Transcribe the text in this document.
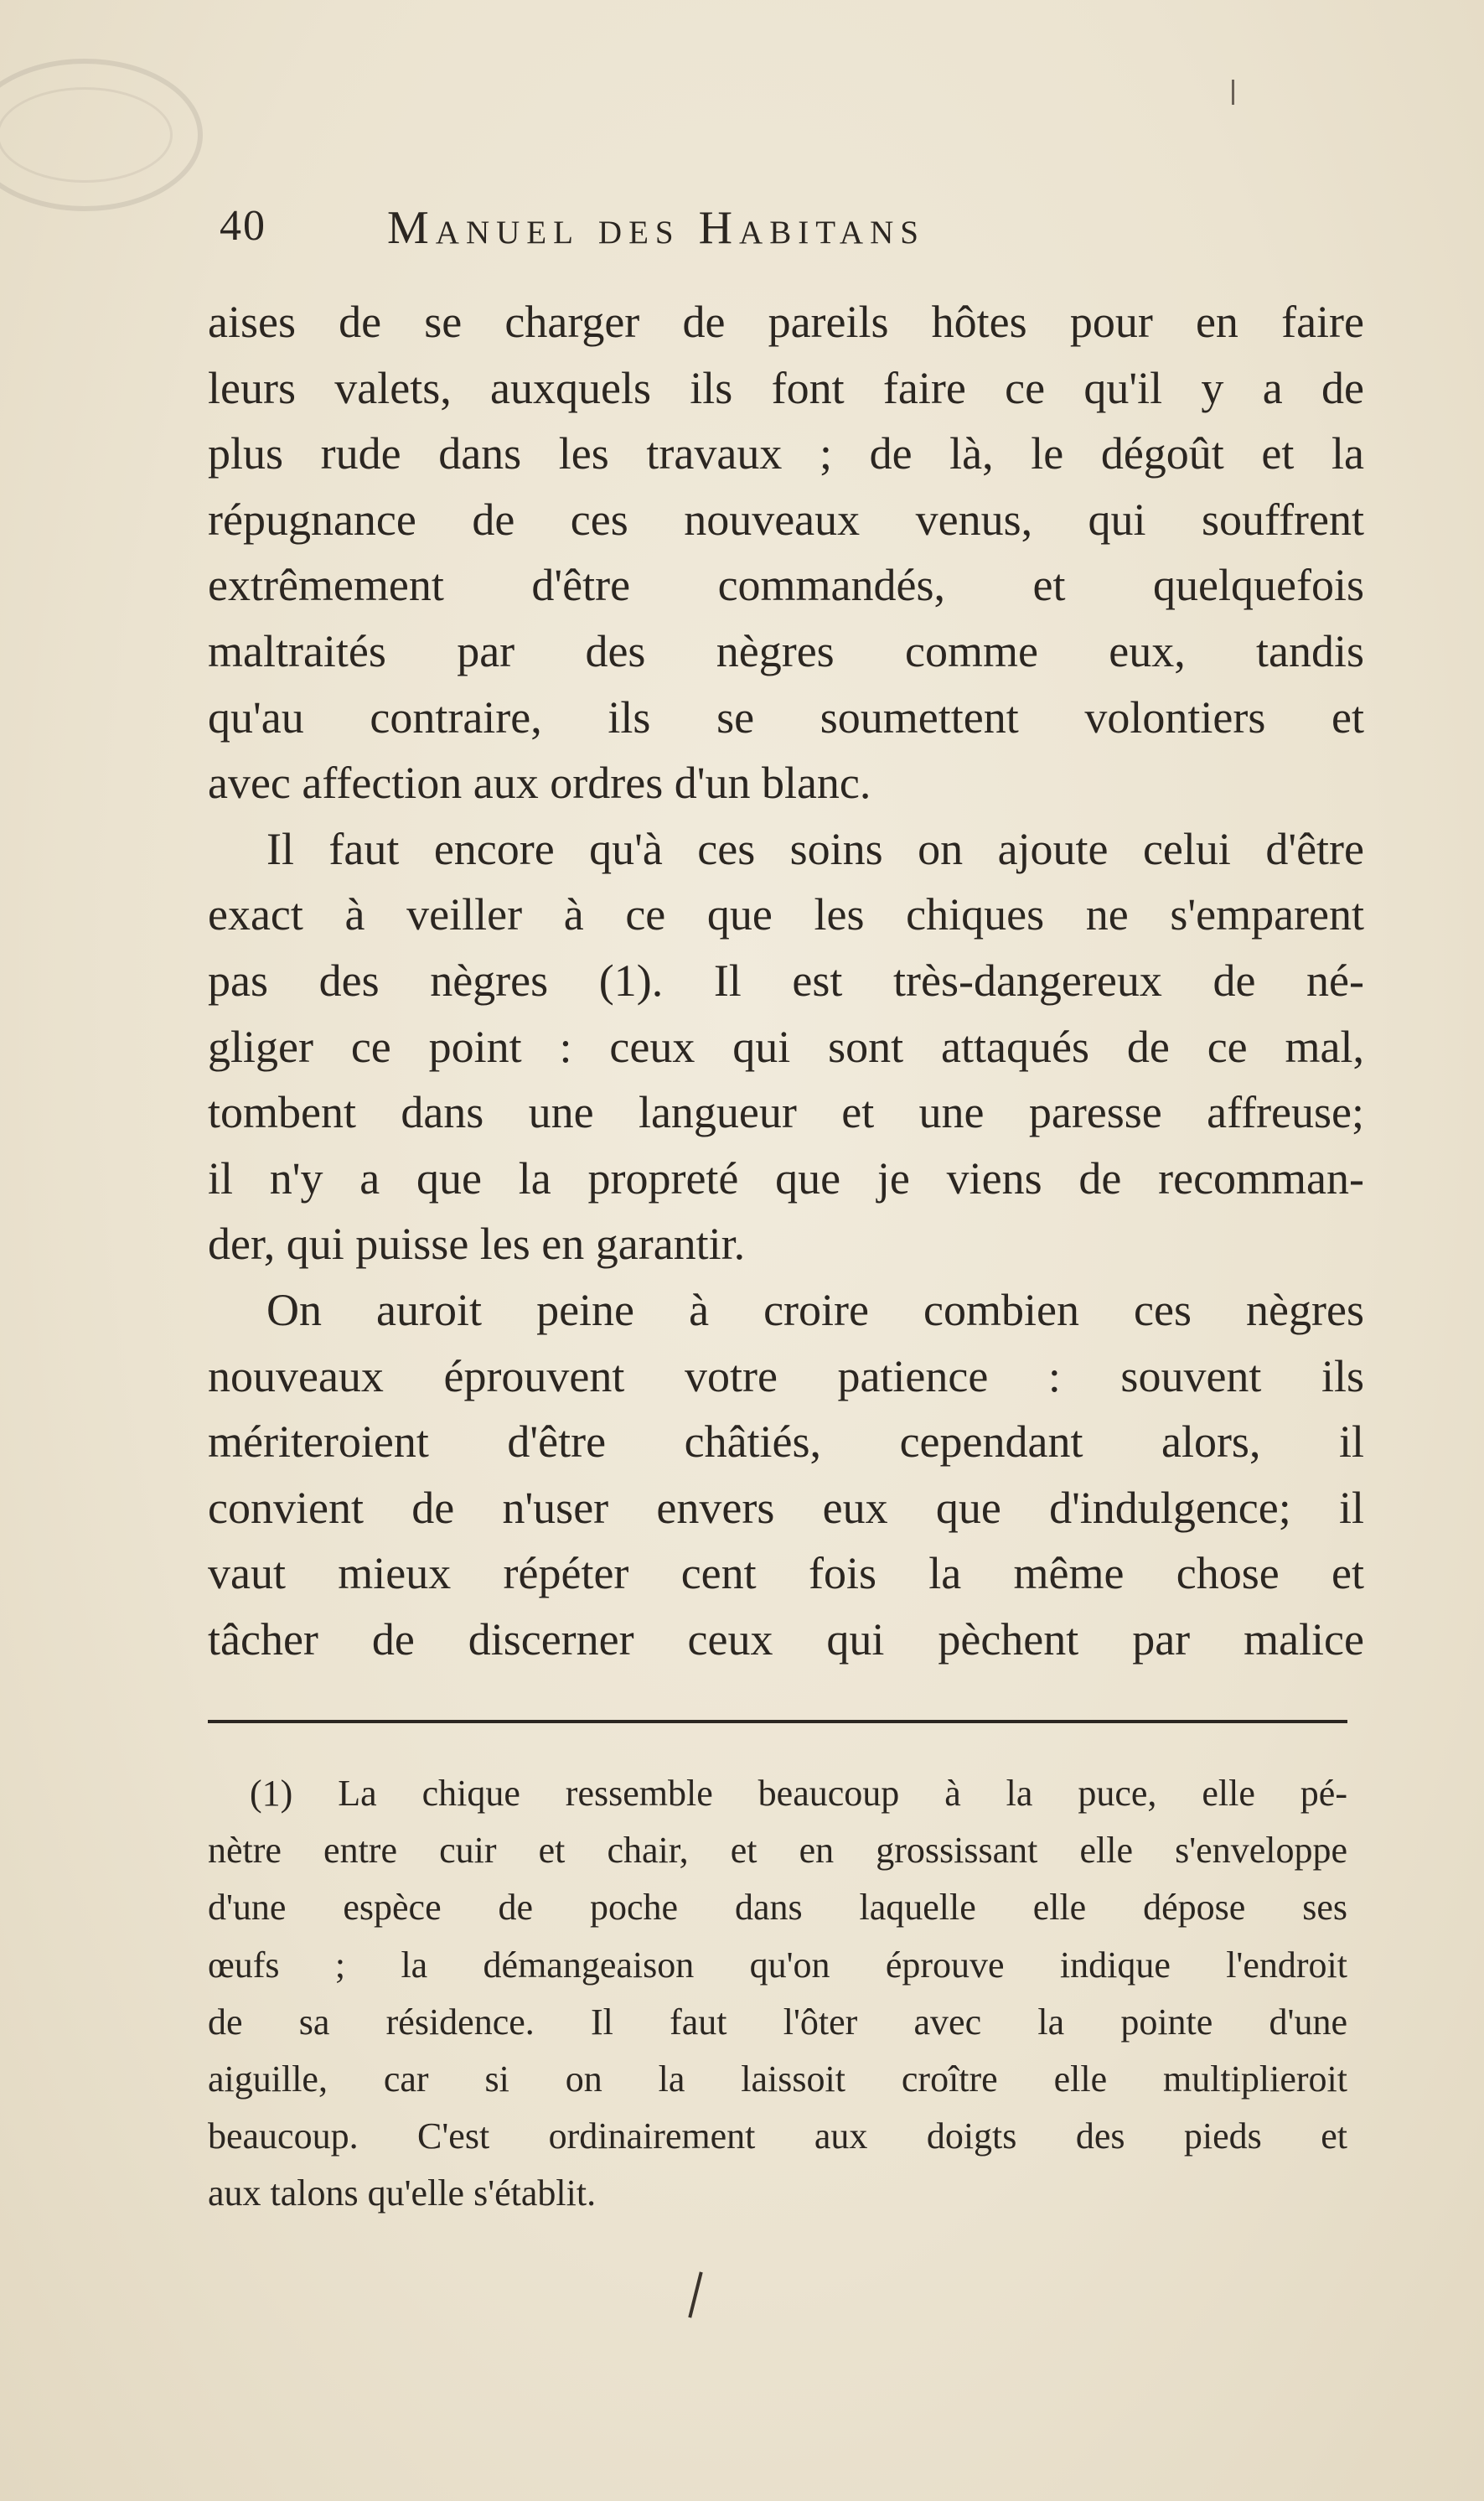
40	Manuel des Habitans
aises de se charger de pareils hôtes pour en faire
leurs valets, auxquels ils font faire ce qu'il y a de
plus rude dans les travaux ; de là, le dégoût et la
répugnance de ces nouveaux venus, qui souffrent
extrêmement d'être commandés, et quelquefois
maltraités par des nègres comme eux, tandis
qu'au contraire, ils se soumettent volontiers et
avec affection aux ordres d'un blanc.
Il faut encore qu'à ces soins on ajoute celui d'être
exact à veiller à ce que les chiques ne s'emparent
pas des nègres (1). Il est très-dangereux de né-
gliger ce point : ceux qui sont attaqués de ce mal,
tombent dans une langueur et une paresse affreuse;
il n'y a que la propreté que je viens de recomman-
der, qui puisse les en garantir.
On auroit peine à croire combien ces nègres
nouveaux éprouvent votre patience : souvent ils
mériteroient d'être châtiés, cependant alors, il
convient de n'user envers eux que d'indulgence; il
vaut mieux répéter cent fois la même chose et
tâcher de discerner ceux qui pèchent par malice
(1) La chique ressemble beaucoup à la puce, elle pé-
nètre entre cuir et chair, et en grossissant elle s'enveloppe
d'une espèce de poche dans laquelle elle dépose ses
œufs ; la démangeaison qu'on éprouve indique l'endroit
de sa résidence. Il faut l'ôter avec la pointe d'une
aiguille, car si on la laissoit croître elle multiplieroit
beaucoup. C'est ordinairement aux doigts des pieds et
aux talons qu'elle s'établit.
